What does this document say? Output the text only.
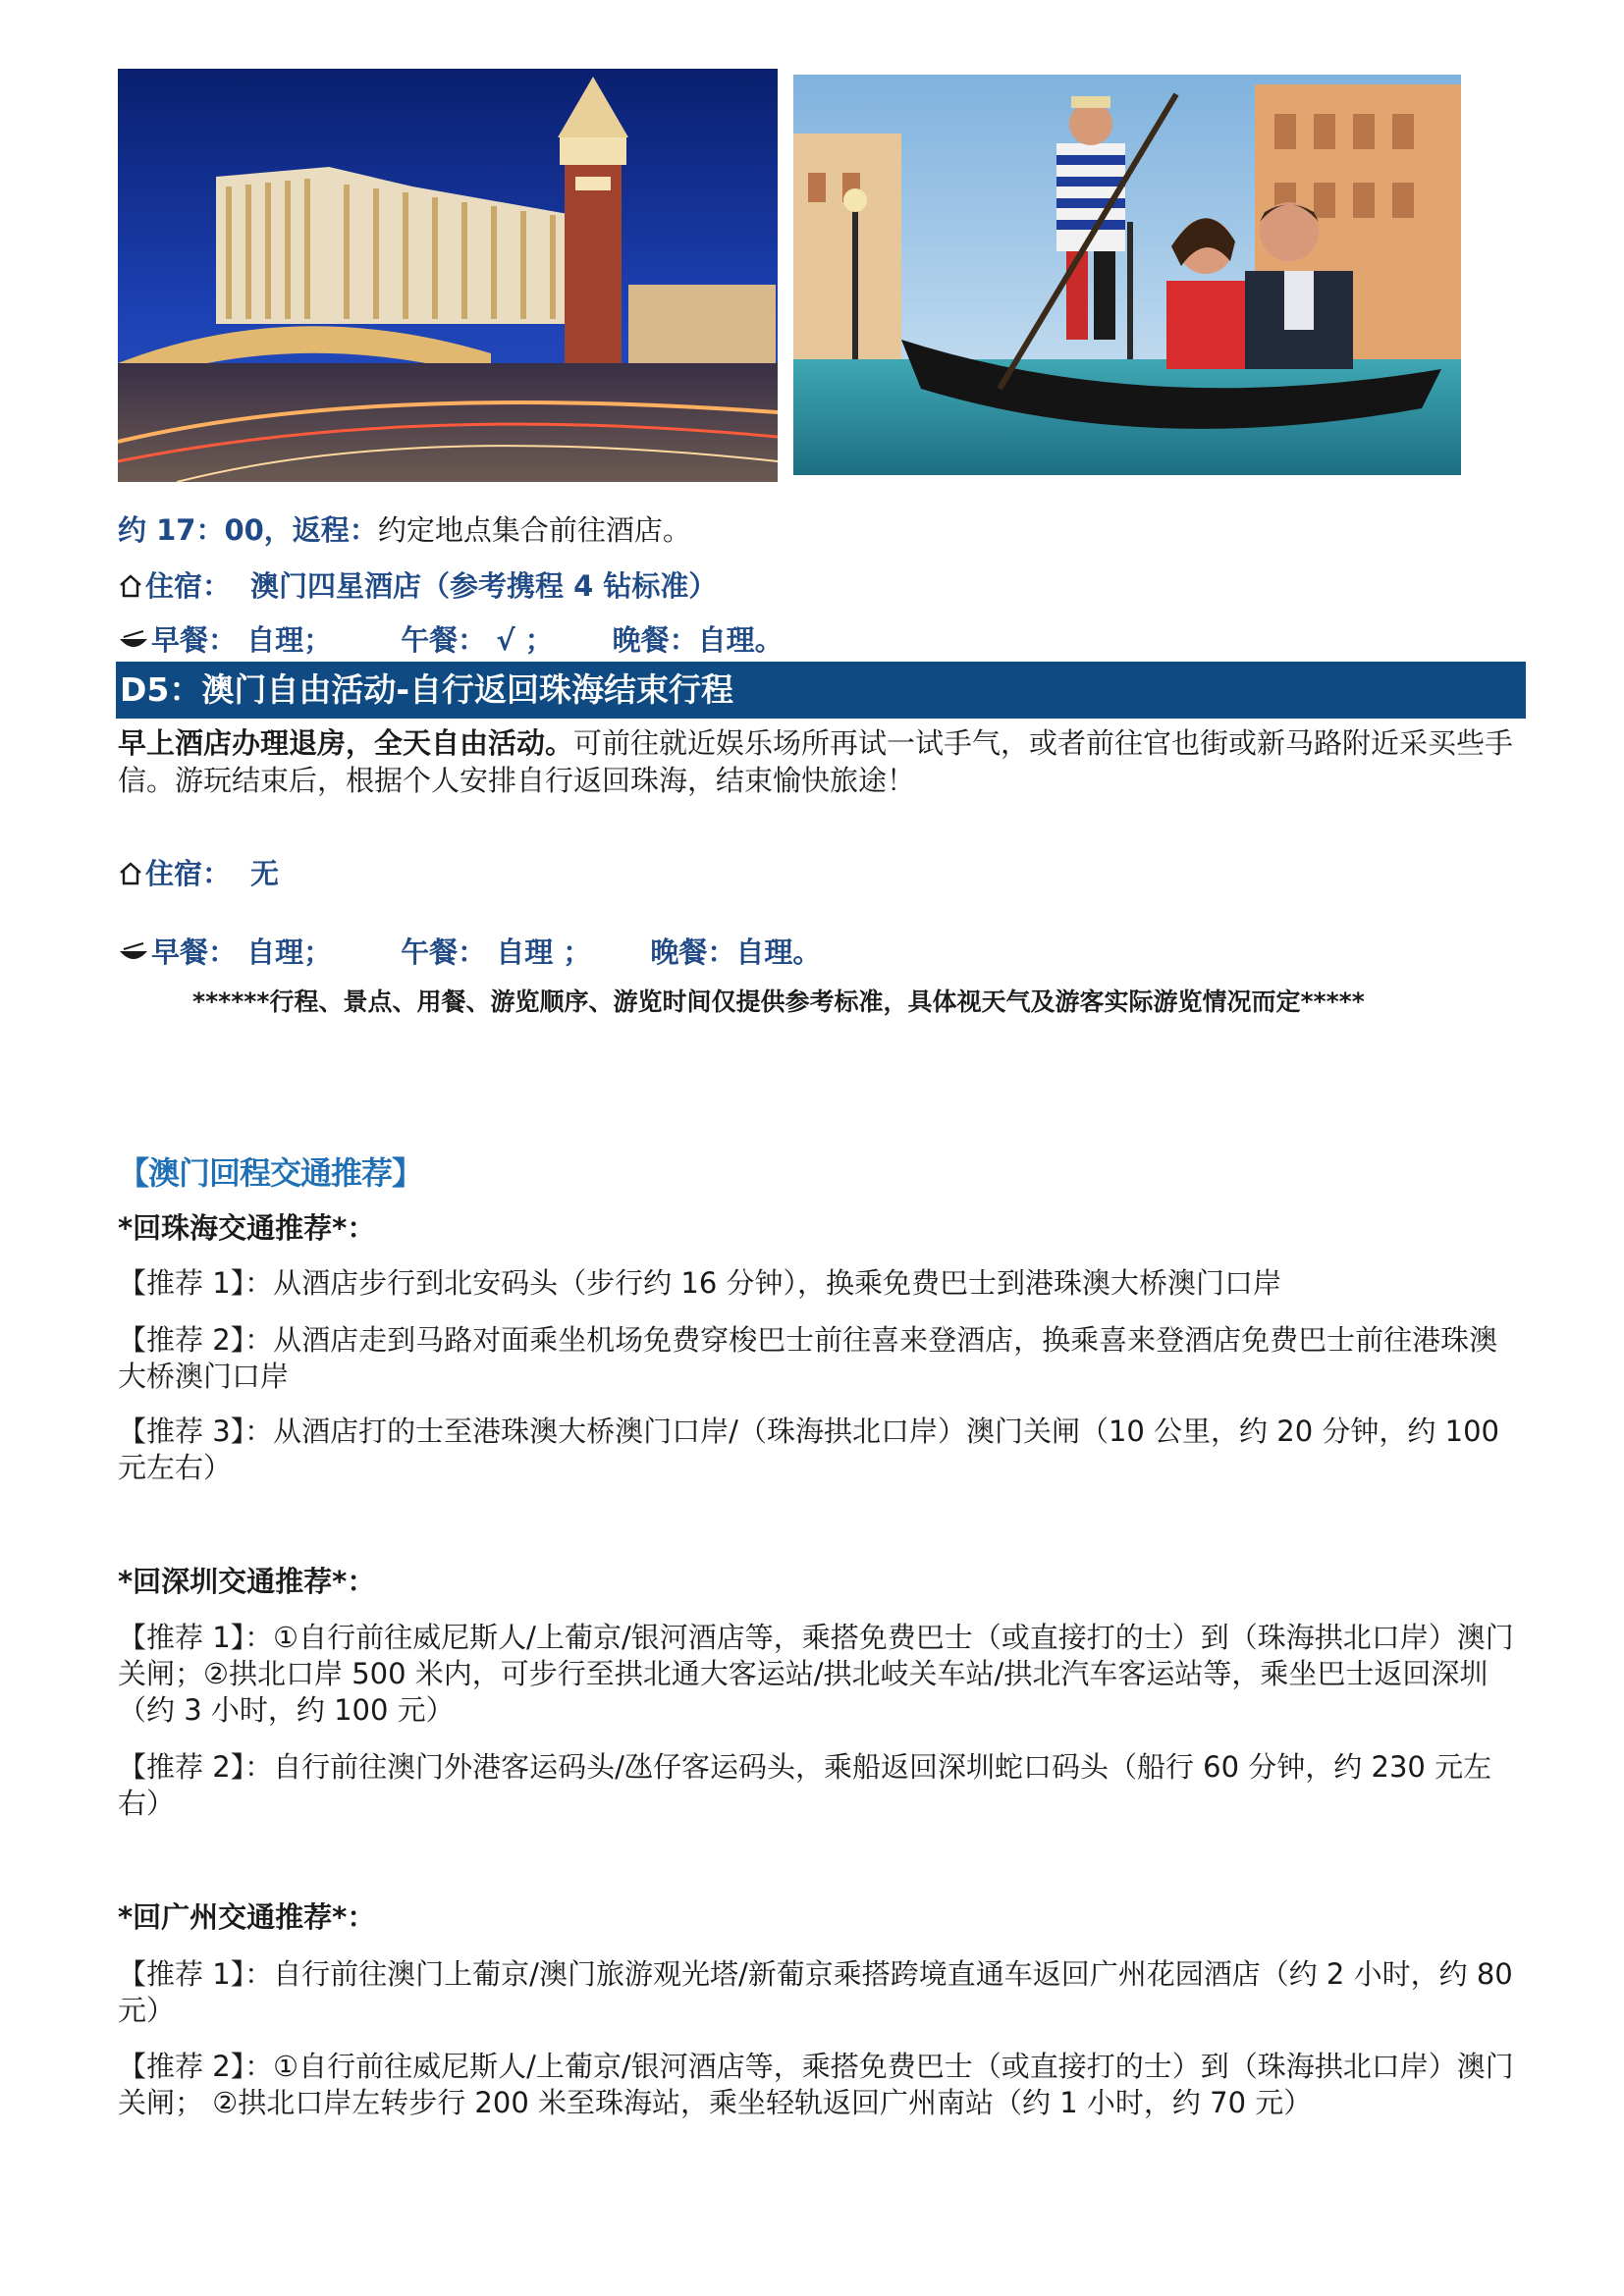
约 17：00，返程：约定地点集合前往酒店。
住宿： 澳门四星酒店（参考携程 4 钻标准）
早餐： 自理； 午餐： √ ； 晚餐：自理。
D5：澳门自由活动-自行返回珠海结束行程
早上酒店办理退房，全天自由活动。可前往就近娱乐场所再试一试手气，或者前往官也街或新马路附近采买些手信。游玩结束后，根据个人安排自行返回珠海，结束愉快旅途！
住宿： 无
早餐： 自理； 午餐： 自理 ； 晚餐：自理。
******行程、景点、用餐、游览顺序、游览时间仅提供参考标准，具体视天气及游客实际游览情况而定*****
【澳门回程交通推荐】
*回珠海交通推荐*：
【推荐 1】：从酒店步行到北安码头（步行约 16 分钟），换乘免费巴士到港珠澳大桥澳门口岸
【推荐 2】：从酒店走到马路对面乘坐机场免费穿梭巴士前往喜来登酒店，换乘喜来登酒店免费巴士前往港珠澳大桥澳门口岸
【推荐 3】：从酒店打的士至港珠澳大桥澳门口岸/（珠海拱北口岸）澳门关闸（10 公里，约 20 分钟，约 100 元左右）
*回深圳交通推荐*：
【推荐 1】：①自行前往威尼斯人/上葡京/银河酒店等，乘搭免费巴士（或直接打的士）到（珠海拱北口岸）澳门关闸；②拱北口岸 500 米内，可步行至拱北通大客运站/拱北岐关车站/拱北汽车客运站等，乘坐巴士返回深圳（约 3 小时，约 100 元）
【推荐 2】：自行前往澳门外港客运码头/氹仔客运码头，乘船返回深圳蛇口码头（船行 60 分钟，约 230 元左右）
*回广州交通推荐*：
【推荐 1】：自行前往澳门上葡京/澳门旅游观光塔/新葡京乘搭跨境直通车返回广州花园酒店（约 2 小时，约 80 元）
【推荐 2】：①自行前往威尼斯人/上葡京/银河酒店等，乘搭免费巴士（或直接打的士）到（珠海拱北口岸）澳门关闸； ②拱北口岸左转步行 200 米至珠海站，乘坐轻轨返回广州南站（约 1 小时，约 70 元）
